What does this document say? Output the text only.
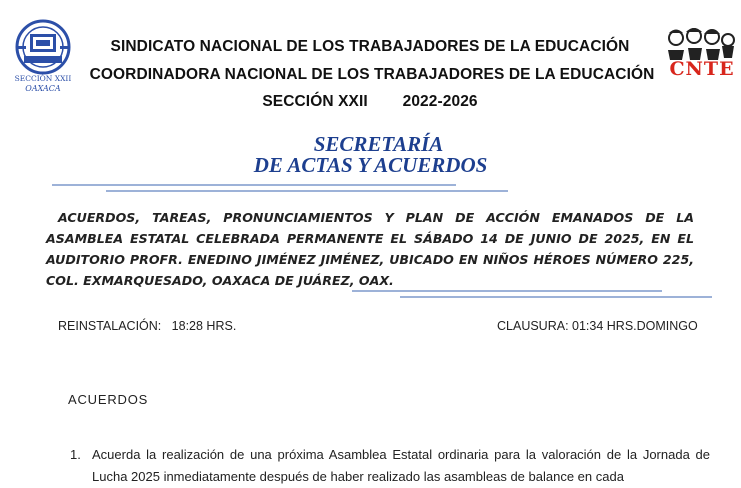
SECCIÓN XXII
OAXACA
CNTE
SINDICATO NACIONAL DE LOS TRABAJADORES DE LA EDUCACIÓN
COORDINADORA NACIONAL DE LOS TRABAJADORES DE LA EDUCACIÓN
SECCIÓN XXII 2022-2026
SECRETARÍA
DE ACTAS Y ACUERDOS
ACUERDOS, TAREAS, PRONUNCIAMIENTOS Y PLAN DE ACCIÓN EMANADOS DE LA ASAMBLEA ESTATAL CELEBRADA PERMANENTE EL SÁBADO 14 DE JUNIO DE 2025, EN EL AUDITORIO PROFR. ENEDINO JIMÉNEZ JIMÉNEZ, UBICADO EN NIÑOS HÉROES NÚMERO 225, COL. EXMARQUESADO, OAXACA DE JUÁREZ, OAX.
REINSTALACIÓN:   18:28 HRS.	CLAUSURA: 01:34 HRS.DOMINGO
ACUERDOS
1. Acuerda la realización de una próxima Asamblea Estatal ordinaria para la valoración de la Jornada de Lucha 2025 inmediatamente después de haber realizado las asambleas de balance en cada
